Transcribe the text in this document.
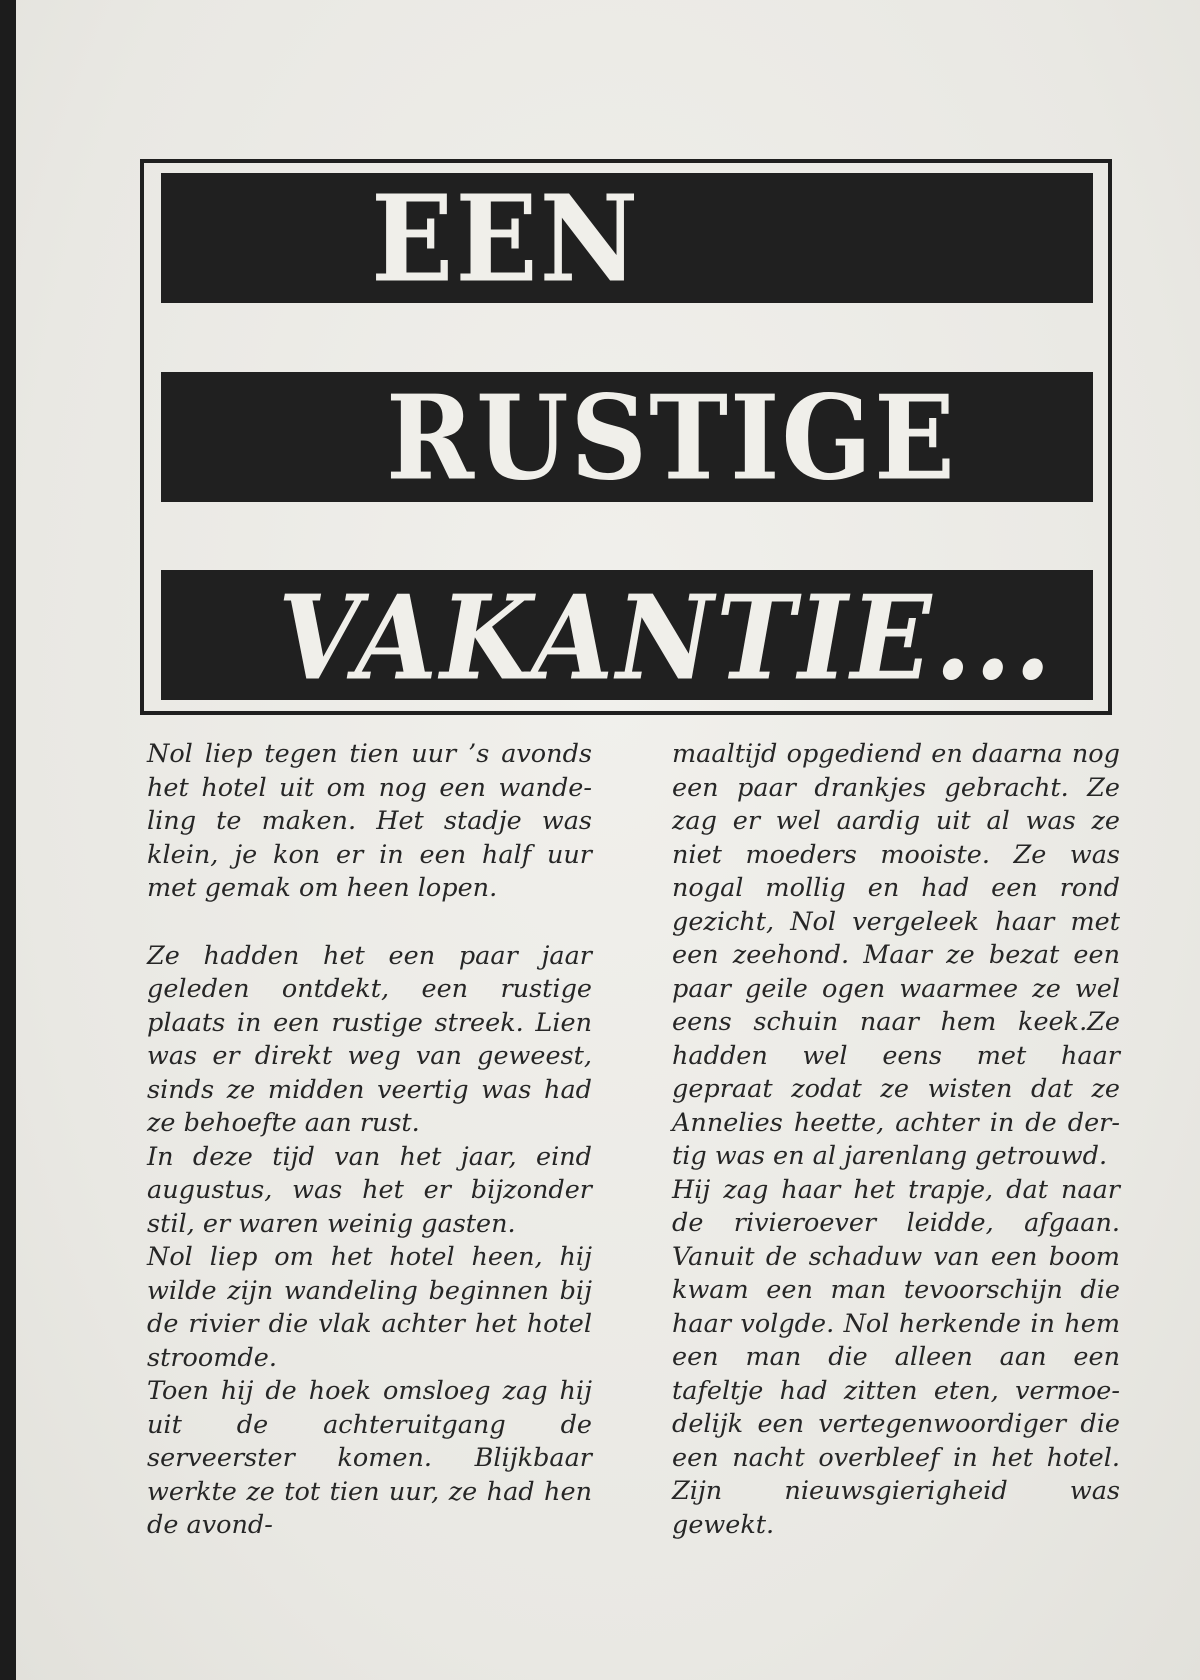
EEN
RUSTIGE
VAKANTIE...

Nol liep tegen tien uur ’s avonds het hotel uit om nog een wande-ling te maken. Het stadje was klein, je kon er in een half uur met gemak om heen lopen.

Ze hadden het een paar jaar geleden ontdekt, een rustige plaats in een rustige streek. Lien was er direkt weg van geweest, sinds ze midden veertig was had ze behoefte aan rust.

In deze tijd van het jaar, eind augustus, was het er bijzonder stil, er waren weinig gasten.

Nol liep om het hotel heen, hij wilde zijn wandeling beginnen bij de rivier die vlak achter het hotel stroomde.

Toen hij de hoek omsloeg zag hij uit de achteruitgang de serveerster komen. Blijkbaar werkte ze tot tien uur, ze had hen de avond-

maaltijd opgediend en daarna nog een paar drankjes gebracht. Ze zag er wel aardig uit al was ze niet moeders mooiste. Ze was nogal mollig en had een rond gezicht, Nol vergeleek haar met een zeehond. Maar ze bezat een paar geile ogen waarmee ze wel eens schuin naar hem keek.Ze hadden wel eens met haar gepraat zodat ze wisten dat ze Annelies heette, achter in de der-tig was en al jarenlang getrouwd.

Hij zag haar het trapje, dat naar de rivieroever leidde, afgaan. Vanuit de schaduw van een boom kwam een man tevoorschijn die haar volgde. Nol herkende in hem een man die alleen aan een tafeltje had zitten eten, vermoe-delijk een vertegenwoordiger die een nacht overbleef in het hotel. Zijn nieuwsgierigheid was gewekt.
